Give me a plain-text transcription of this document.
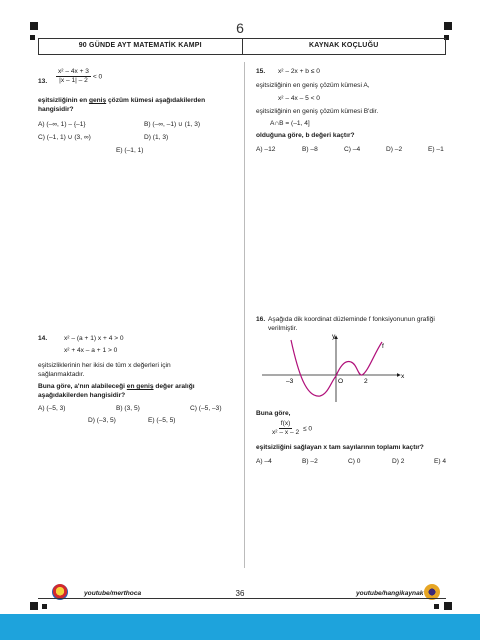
6
90 GÜNDE AYT MATEMATİK KAMPI	KAYNAK KOÇLUĞU
13. $\frac{\text{x² – 4x + 3}}{|x - 1| - 2} < 0$
eşitsizliğinin en geniş çözüm kümesi aşağıdakilerden
hangisidir?
A) (–∞, 1) – {–1}	B) (–∞, –1) ∪ (1, 3)
C) (–1, 1) ∪ (3, ∞)	D) (1, 3)
E) (–1, 1)
14.	x² – (a + 1) x + 4 > 0
x² + 4x – a + 1 > 0
eşitsizliklerinin her ikisi de tüm x değerleri için
sağlanmaktadır.
Buna göre, a'nın alabileceği en geniş değer aralığı
aşağıdakilerden hangisidir?
A) (–5, 3)	B) (3, 5)	C) (–5, –3)
D) (–3, 5)	E) (–5, 5)
15. x² – 2x + b ≤ 0
eşitsizliğinin en geniş çözüm kümesi A,
x² – 4x – 5 < 0
eşitsizliğinin en geniş çözüm kümesi B'dir.
A∩B = (–1, 4]
olduğuna göre, b değeri kaçtır?
A) –12	B) –8	C) –4	D) –2	E) –1
16. Aşağıda dik koordinat düzleminde f fonksiyonunun grafiği
verilmiştir.
y
x
f
–3	O	2
Buna göre,
$\frac{f(x)}{\text{x² – x – 2}} \le 0$
eşitsizliğini sağlayan x tam sayılarının toplamı kaçtır?
A) –4	B) –2	C) 0	D) 2	E) 4
youtube/merthoca	36	youtube/hangikaynak
